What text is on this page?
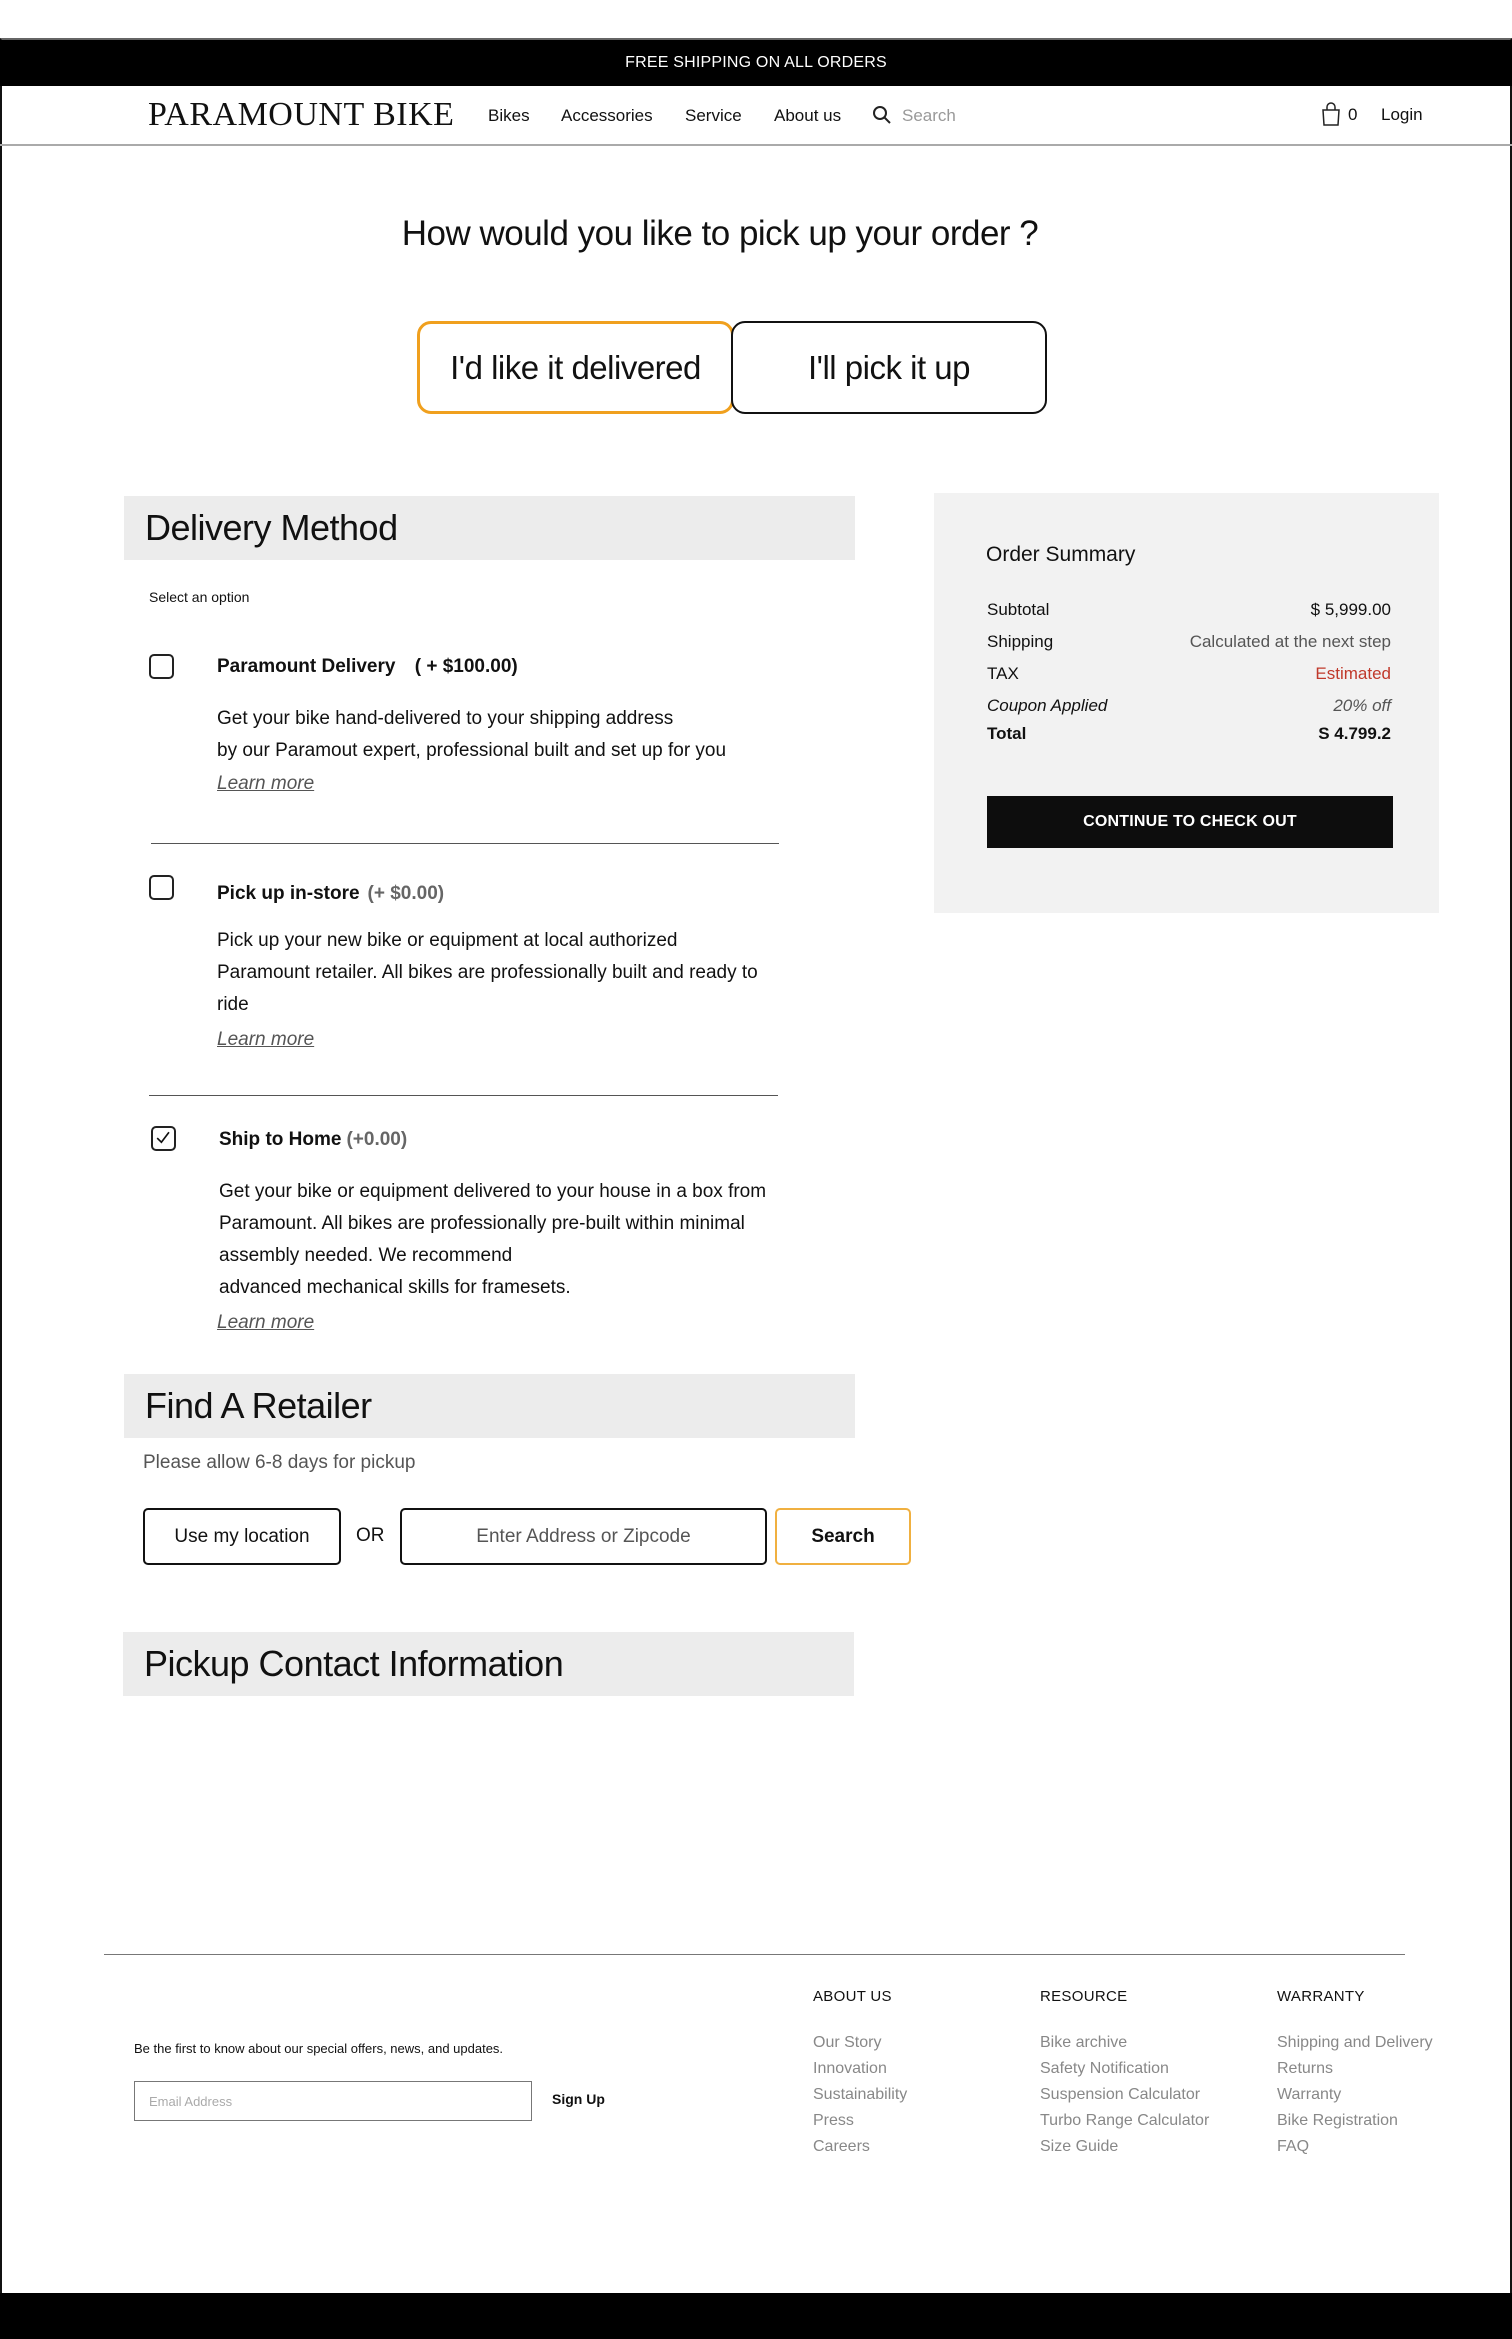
FREE SHIPPING ON ALL ORDERS
PARAMOUNT BIKE Bikes Accessories Service About us	Search	0 Login
How would you like to pick up your order ?
I'd like it delivered	I'll pick it up
Delivery Method
Select an option
Paramount Delivery ( + $100.00)
Get your bike hand-delivered to your shipping address
by our Paramout expert, professional built and set up for you
Learn more
Pick up in-store (+ $0.00)
Pick up your new bike or equipment at local authorized
Paramount retailer. All bikes are professionally built and ready to
ride
Learn more
Ship to Home (+0.00)
Get your bike or equipment delivered to your house in a box from
Paramount. All bikes are professionally pre-built within minimal
assembly needed. We recommend
advanced mechanical skills for framesets.
Learn more
Order Summary
Subtotal	$ 5,999.00
Shipping	Calculated at the next step
TAX	Estimated
Coupon Applied	20% off
Total	S 4.799.2
CONTINUE TO CHECK OUT
Find A Retailer
Please allow 6-8 days for pickup
Use my location	OR
Enter Address or Zipcode	Search
Pickup Contact Information
Be the first to know about our special offers, news, and updates.
Email Address
Sign Up
ABOUT US
Our Story
Innovation
Sustainability
Press
Careers
RESOURCE
Bike archive
Safety Notification
Suspension Calculator
Turbo Range Calculator
Size Guide
WARRANTY
Shipping and Delivery
Returns
Warranty
Bike Registration
FAQ
